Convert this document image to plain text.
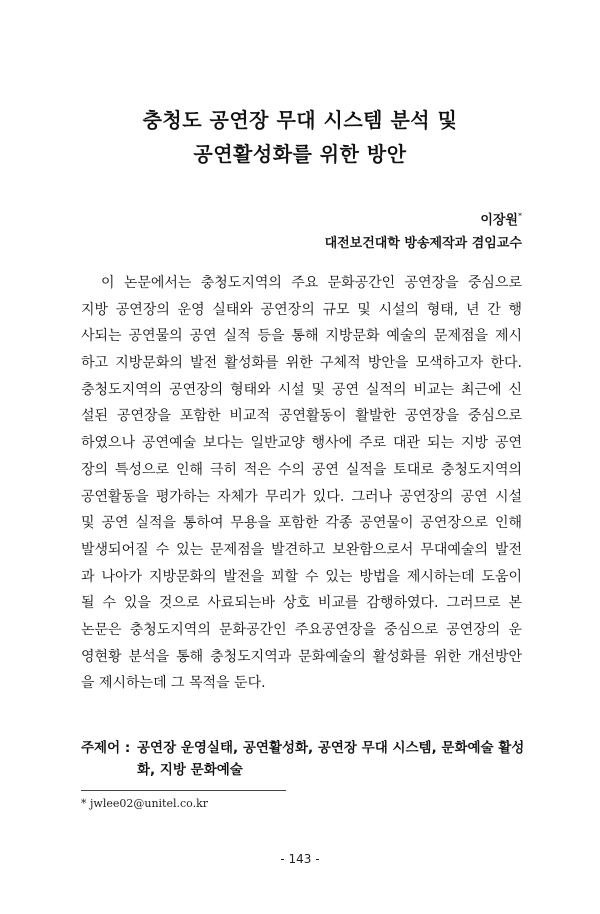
충청도 공연장 무대 시스템 분석 및
공연활성화를 위한 방안
이장원*
대전보건대학 방송제작과 겸임교수
이 논문에서는 충청도지역의 주요 문화공간인 공연장을 중심으로
지방 공연장의 운영 실태와 공연장의 규모 및 시설의 형태, 년 간 행
사되는 공연물의 공연 실적 등을 통해 지방문화 예술의 문제점을 제시
하고 지방문화의 발전 활성화를 위한 구체적 방안을 모색하고자 한다.
충청도지역의 공연장의 형태와 시설 및 공연 실적의 비교는 최근에 신
설된 공연장을 포함한 비교적 공연활동이 활발한 공연장을 중심으로
하였으나 공연예술 보다는 일반교양 행사에 주로 대관 되는 지방 공연
장의 특성으로 인해 극히 적은 수의 공연 실적을 토대로 충청도지역의
공연활동을 평가하는 자체가 무리가 있다. 그러나 공연장의 공연 시설
및 공연 실적을 통하여 무용을 포함한 각종 공연물이 공연장으로 인해
발생되어질 수 있는 문제점을 발견하고 보완함으로서 무대예술의 발전
과 나아가 지방문화의 발전을 꾀할 수 있는 방법을 제시하는데 도움이
될 수 있을 것으로 사료되는바 상호 비교를 감행하였다. 그러므로 본
논문은 충청도지역의 문화공간인 주요공연장을 중심으로 공연장의 운
영현황 분석을 통해 충청도지역과 문화예술의 활성화를 위한 개선방안
을 제시하는데 그 목적을 둔다.
주제어 : 공연장 운영실태, 공연활성화, 공연장 무대 시스템, 문화예술 활성
화, 지방 문화예술
* jwlee02@unitel.co.kr
- 143 -
